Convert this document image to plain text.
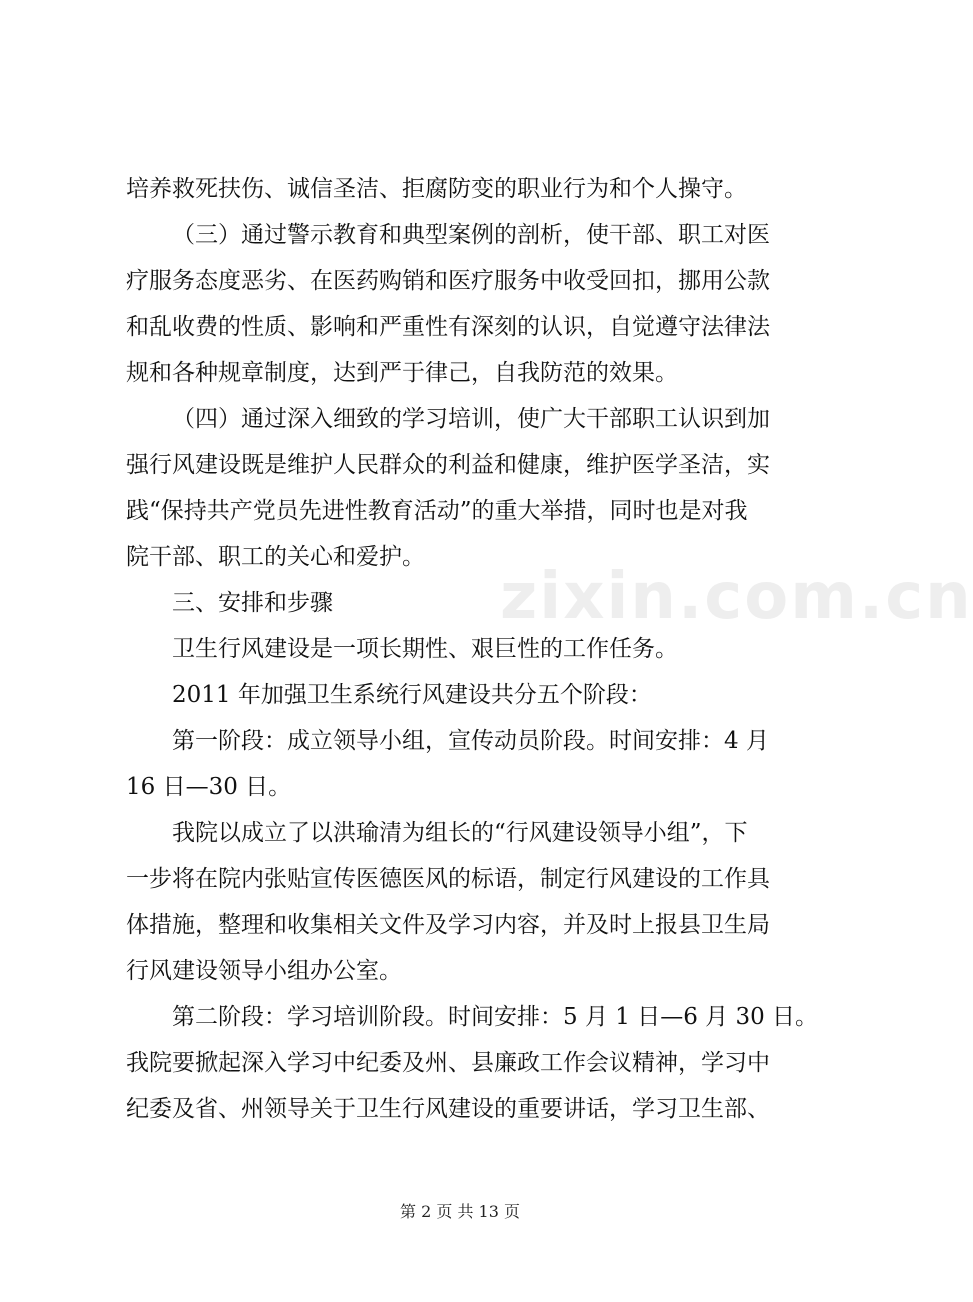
zixin.com.cn
培养救死扶伤、诚信圣洁、拒腐防变的职业行为和个人操守。
（三）通过警示教育和典型案例的剖析，使干部、职工对医
疗服务态度恶劣、在医药购销和医疗服务中收受回扣，挪用公款
和乱收费的性质、影响和严重性有深刻的认识，自觉遵守法律法
规和各种规章制度，达到严于律己，自我防范的效果。
（四）通过深入细致的学习培训，使广大干部职工认识到加
强行风建设既是维护人民群众的利益和健康，维护医学圣洁，实
践“保持共产党员先进性教育活动”的重大举措，同时也是对我
院干部、职工的关心和爱护。
三、安排和步骤
卫生行风建设是一项长期性、艰巨性的工作任务。
2011 年加强卫生系统行风建设共分五个阶段：
第一阶段：成立领导小组，宣传动员阶段。时间安排：4 月
16 日—30 日。
我院以成立了以洪瑜清为组长的“行风建设领导小组”，下
一步将在院内张贴宣传医德医风的标语，制定行风建设的工作具
体措施，整理和收集相关文件及学习内容，并及时上报县卫生局
行风建设领导小组办公室。
第二阶段：学习培训阶段。时间安排：5 月 1 日—6 月 30 日。
我院要掀起深入学习中纪委及州、县廉政工作会议精神，学习中
纪委及省、州领导关于卫生行风建设的重要讲话，学习卫生部、
第 2 页 共 13 页
